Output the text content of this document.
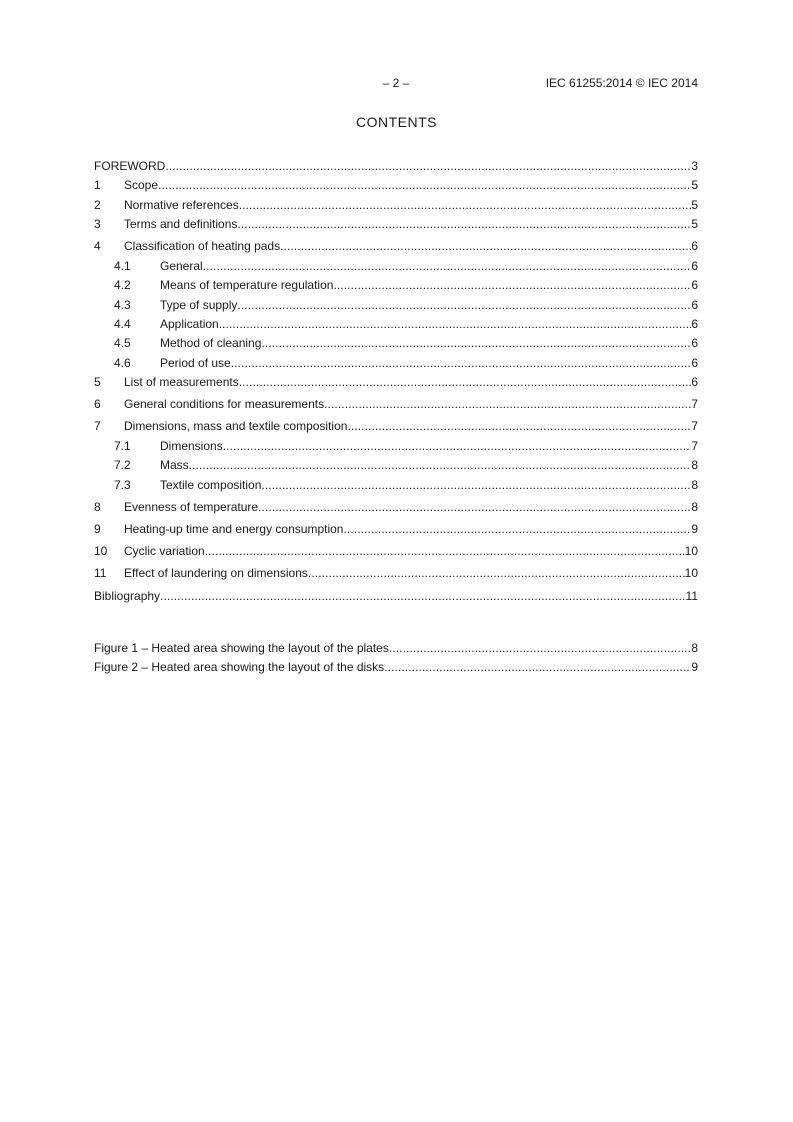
– 2 –	IEC 61255:2014 © IEC 2014
CONTENTS
FOREWORD .....	3
1	Scope .....	5
2	Normative references .....	5
3	Terms and definitions .....	5
4	Classification of heating pads .....	6
4.1	General .....	6
4.2	Means of temperature regulation .....	6
4.3	Type of supply .....	6
4.4	Application .....	6
4.5	Method of cleaning .....	6
4.6	Period of use .....	6
5	List of measurements .....	6
6	General conditions for measurements .....	7
7	Dimensions, mass and textile composition .....	7
7.1	Dimensions .....	7
7.2	Mass .....	8
7.3	Textile composition .....	8
8	Evenness of temperature .....	8
9	Heating-up time and energy consumption .....	9
10	Cyclic variation .....	10
11	Effect of laundering on dimensions .....	10
Bibliography .....	11
Figure 1 – Heated area showing the layout of the plates .....	8
Figure 2 – Heated area showing the layout of the disks .....	9
